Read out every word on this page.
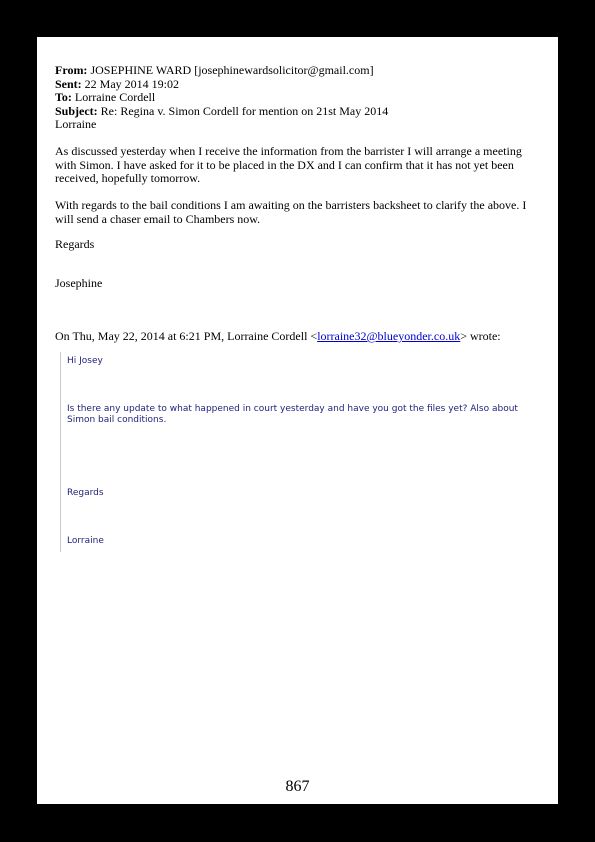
From: JOSEPHINE WARD [josephinewardsolicitor@gmail.com]
Sent: 22 May 2014 19:02
To: Lorraine Cordell
Subject: Re: Regina v. Simon Cordell for mention on 21st May 2014
Lorraine
As discussed yesterday when I receive the information from the barrister I will arrange a meeting with Simon. I have asked for it to be placed in the DX and I can confirm that it has not yet been received, hopefully tomorrow.
With regards to the bail conditions I am awaiting on the barristers backsheet to clarify the above. I will send a chaser email to Chambers now.
Regards
Josephine
On Thu, May 22, 2014 at 6:21 PM, Lorraine Cordell <lorraine32@blueyonder.co.uk> wrote:
Hi Josey
Is there any update to what happened in court yesterday and have you got the files yet? Also about Simon bail conditions.
Regards
Lorraine
867
